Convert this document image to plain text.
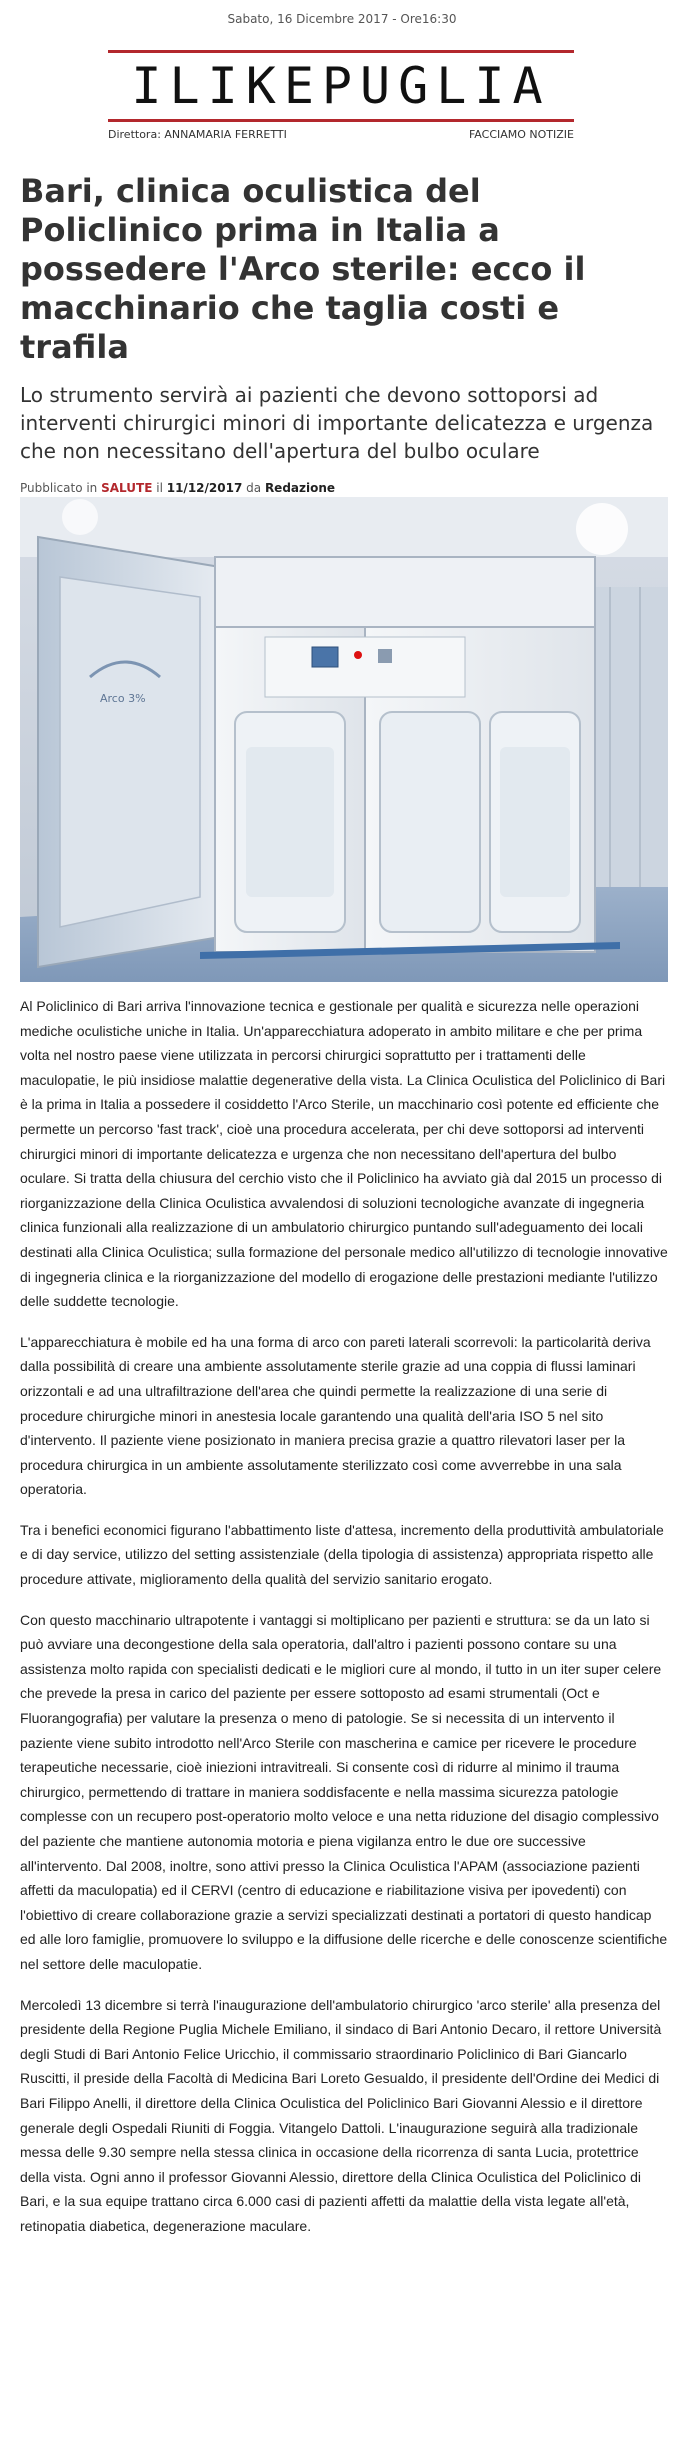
Sabato, 16 Dicembre 2017 - Ore16:30
ILIKEPUGLIA
Direttora: ANNAMARIA FERRETTI	FACCIAMO NOTIZIE
Bari, clinica oculistica del Policlinico prima in Italia a possedere l'Arco sterile: ecco il macchinario che taglia costi e trafila
Lo strumento servirà ai pazienti che devono sottoporsi ad interventi chirurgici minori di importante delicatezza e urgenza che non necessitano dell'apertura del bulbo oculare
Pubblicato in SALUTE il 11/12/2017 da Redazione
Arco 3%

Al Policlinico di Bari arriva l'innovazione tecnica e gestionale per qualità e sicurezza nelle operazioni mediche oculistiche uniche in Italia. Un'apparecchiatura adoperato in ambito militare e che per prima volta nel nostro paese viene utilizzata in percorsi chirurgici soprattutto per i trattamenti delle maculopatie, le più insidiose malattie degenerative della vista. La Clinica Oculistica del Policlinico di Bari è la prima in Italia a possedere il cosiddetto l'Arco Sterile, un macchinario così potente ed efficiente che permette un percorso 'fast track', cioè una procedura accelerata, per chi deve sottoporsi ad interventi chirurgici minori di importante delicatezza e urgenza che non necessitano dell'apertura del bulbo oculare. Si tratta della chiusura del cerchio visto che il Policlinico ha avviato già dal 2015 un processo di riorganizzazione della Clinica Oculistica avvalendosi di soluzioni tecnologiche avanzate di ingegneria clinica funzionali alla realizzazione di un ambulatorio chirurgico puntando sull'adeguamento dei locali destinati alla Clinica Oculistica; sulla formazione del personale medico all'utilizzo di tecnologie innovative di ingegneria clinica e la riorganizzazione del modello di erogazione delle prestazioni mediante l'utilizzo delle suddette tecnologie.

L'apparecchiatura è mobile ed ha una forma di arco con pareti laterali scorrevoli: la particolarità deriva dalla possibilità di creare una ambiente assolutamente sterile grazie ad una coppia di flussi laminari orizzontali e ad una ultrafiltrazione dell'area che quindi permette la realizzazione di una serie di procedure chirurgiche minori in anestesia locale garantendo una qualità dell'aria ISO 5 nel sito d'intervento. Il paziente viene posizionato in maniera precisa grazie a quattro rilevatori laser per la procedura chirurgica in un ambiente assolutamente sterilizzato così come avverrebbe in una sala operatoria.

Tra i benefici economici figurano l'abbattimento liste d'attesa, incremento della produttività ambulatoriale e di day service, utilizzo del setting assistenziale (della tipologia di assistenza) appropriata rispetto alle procedure attivate, miglioramento della qualità del servizio sanitario erogato.

Con questo macchinario ultrapotente i vantaggi si moltiplicano per pazienti e struttura: se da un lato si può avviare una decongestione della sala operatoria, dall'altro i pazienti possono contare su una assistenza molto rapida con specialisti dedicati e le migliori cure al mondo, il tutto in un iter super celere che prevede la presa in carico del paziente per essere sottoposto ad esami strumentali (Oct e Fluorangografia) per valutare la presenza o meno di patologie. Se si necessita di un intervento il paziente viene subito introdotto nell'Arco Sterile con mascherina e camice per ricevere le procedure terapeutiche necessarie, cioè iniezioni intravitreali. Si consente così di ridurre al minimo il trauma chirurgico, permettendo di trattare in maniera soddisfacente e nella massima sicurezza patologie complesse con un recupero post-operatorio molto veloce e una netta riduzione del disagio complessivo del paziente che mantiene autonomia motoria e piena vigilanza entro le due ore successive all'intervento. Dal 2008, inoltre, sono attivi presso la Clinica Oculistica l'APAM (associazione pazienti affetti da maculopatia) ed il CERVI (centro di educazione e riabilitazione visiva per ipovedenti) con l'obiettivo di creare collaborazione grazie a servizi specializzati destinati a portatori di questo handicap ed alle loro famiglie, promuovere lo sviluppo e la diffusione delle ricerche e delle conoscenze scientifiche nel settore delle maculopatie.

Mercoledì 13 dicembre si terrà l'inaugurazione dell'ambulatorio chirurgico 'arco sterile' alla presenza del presidente della Regione Puglia Michele Emiliano, il sindaco di Bari Antonio Decaro, il rettore Università degli Studi di Bari Antonio Felice Uricchio, il commissario straordinario Policlinico di Bari Giancarlo Ruscitti, il preside della Facoltà di Medicina Bari Loreto Gesualdo, il presidente dell'Ordine dei Medici di Bari Filippo Anelli, il direttore della Clinica Oculistica del Policlinico Bari Giovanni Alessio e il direttore generale degli Ospedali Riuniti di Foggia. Vitangelo Dattoli. L'inaugurazione seguirà alla tradizionale messa delle 9.30 sempre nella stessa clinica in occasione della ricorrenza di santa Lucia, protettrice della vista. Ogni anno il professor Giovanni Alessio, direttore della Clinica Oculistica del Policlinico di Bari, e la sua equipe trattano circa 6.000 casi di pazienti affetti da malattie della vista legate all'età, retinopatia diabetica, degenerazione maculare.
